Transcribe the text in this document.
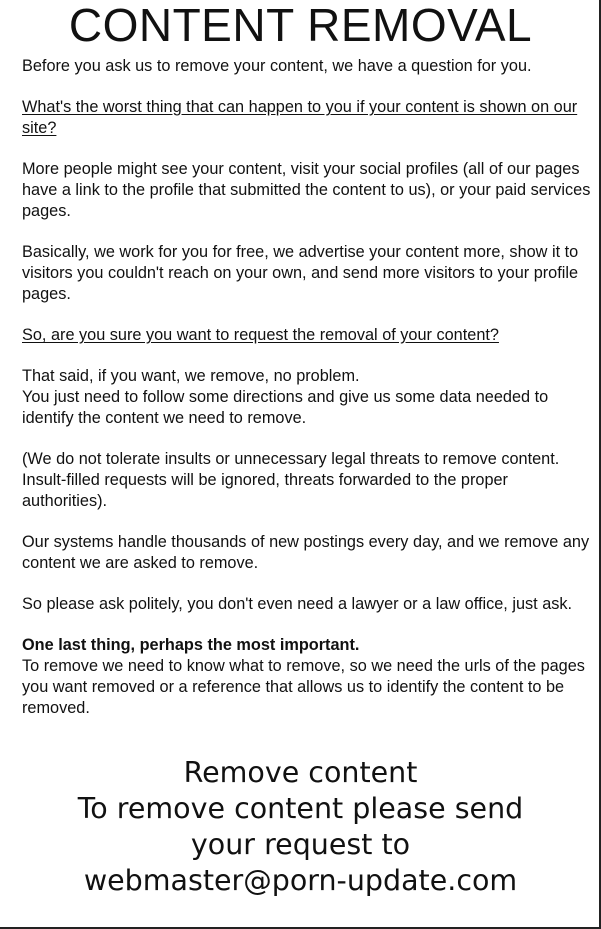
CONTENT REMOVAL

Before you ask us to remove your content, we have a question for you.

What's the worst thing that can happen to you if your content is shown on our site?

More people might see your content, visit your social profiles (all of our pages have a link to the profile that submitted the content to us), or your paid services pages.

Basically, we work for you for free, we advertise your content more, show it to visitors you couldn't reach on your own, and send more visitors to your profile pages.

So, are you sure you want to request the removal of your content?

That said, if you want, we remove, no problem.

You just need to follow some directions and give us some data needed to identify the content we need to remove.

(We do not tolerate insults or unnecessary legal threats to remove content. Insult-filled requests will be ignored, threats forwarded to the proper authorities).

Our systems handle thousands of new postings every day, and we remove any content we are asked to remove.

So please ask politely, you don't even need a lawyer or a law office, just ask.

One last thing, perhaps the most important.

To remove we need to know what to remove, so we need the urls of the pages you want removed or a reference that allows us to identify the content to be removed.

Remove content
To remove content please send
your request to
webmaster@porn-update.com
